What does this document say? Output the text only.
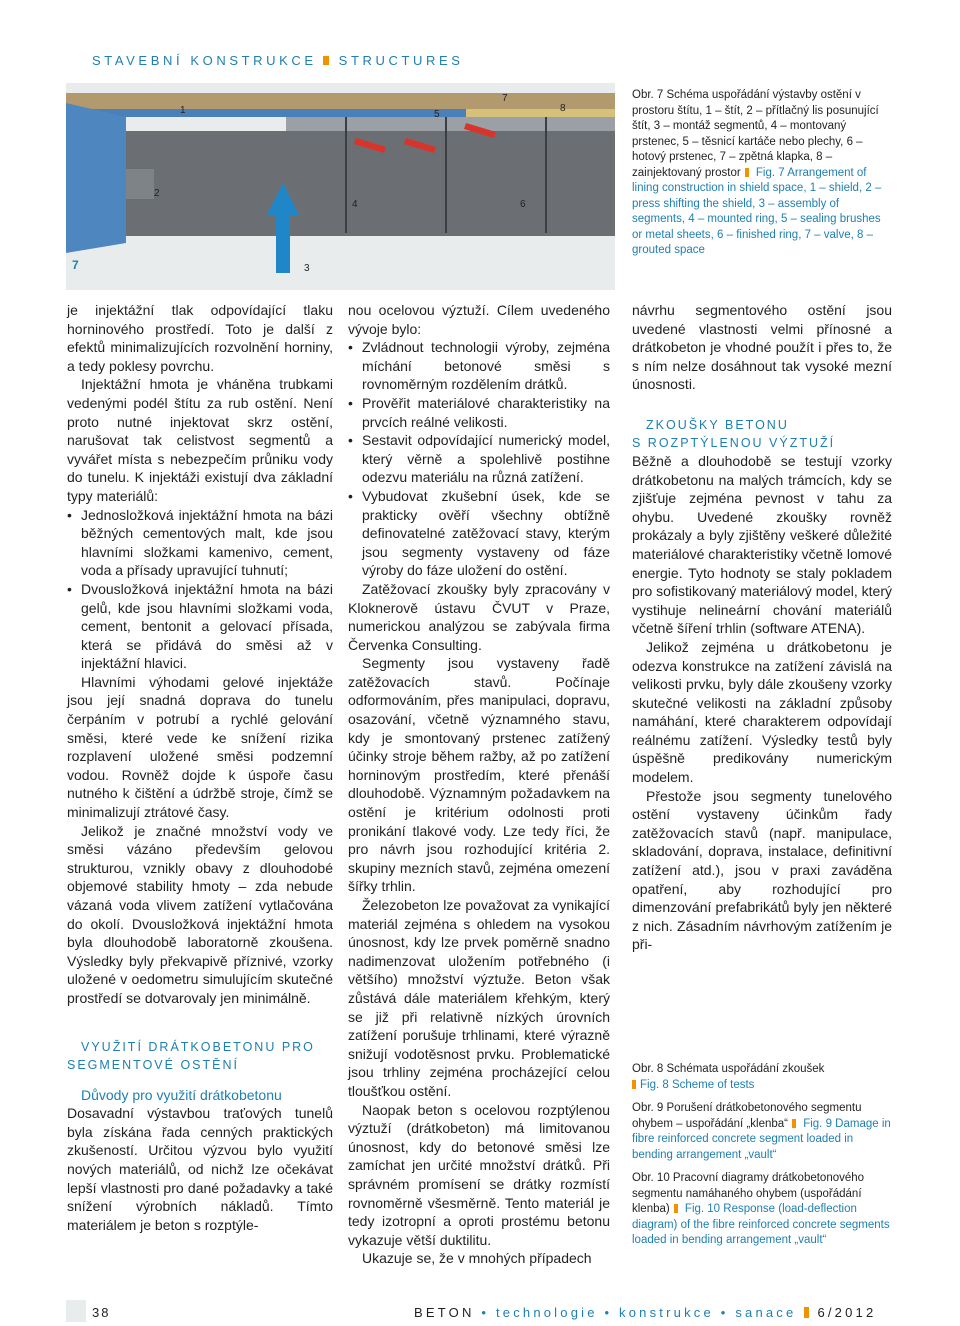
STAVEBNÍ KONSTRUKCE STRUCTURES
1
2
3
4
5
6
7
8
7
Obr. 7 Schéma uspořádání výstavby ostění v prostoru štítu, 1 – štít, 2 – přítlačný lis posunující štít, 3 – montáž segmentů, 4 – montovaný prstenec, 5 – těsnicí kartáče nebo plechy, 6 – hotový prstenec, 7 – zpětná klapka, 8 – zainjektovaný prostor Fig. 7 Arrangement of lining construction in shield space, 1 – shield, 2 – press shifting the shield, 3 – assembly of segments, 4 – mounted ring, 5 – sealing brushes or metal sheets, 6 – finished ring, 7 – valve, 8 – grouted space

je injektážní tlak odpovídající tlaku horninového prostředí. Toto je další z efektů minimalizujících rozvolnění horniny, a tedy poklesy povrchu.

Injektážní hmota je vháněna trubkami vedenými podél štítu za rub ostění. Není proto nutné injektovat skrz ostění, narušovat tak celistvost segmentů a vyvářet místa s nebezpečím průniku vody do tunelu. K injektáži existují dva základní typy materiálů:

• Jednosložková injektážní hmota na bázi běžných cementových malt, kde jsou hlavními složkami kamenivo, cement, voda a přísady upravující tuhnutí;
• Dvousložková injektážní hmota na bázi gelů, kde jsou hlavními složkami voda, cement, bentonit a gelovací přísada, která se přidává do směsi až v injektážní hlavici.

Hlavními výhodami gelové injektáže jsou její snadná doprava do tunelu čerpáním v potrubí a rychlé gelování směsi, které vede ke snížení rizika rozplavení uložené směsi podzemní vodou. Rovněž dojde k úspoře času nutného k čištění a údržbě stroje, čímž se minimalizují ztrátové časy.

Jelikož je značné množství vody ve směsi vázáno především gelovou strukturou, vznikly obavy z dlouhodobé objemové stability hmoty – zda nebude vázaná voda vlivem zatížení vytlačována do okolí. Dvousložková injektážní hmota byla dlouhodobě laboratorně zkoušena. Výsledky byly překvapivě příznivé, vzorky uložené v oedometru simulujícím skutečné prostředí se dotvarovaly jen minimálně.

VYUŽITÍ DRÁTKOBETONU PRO
SEGMENTOVÉ OSTĚNÍ

Důvody pro využití drátkobetonu

Dosavadní výstavbou traťových tunelů byla získána řada cenných praktických zkušeností. Určitou výzvou bylo využití nových materiálů, od nichž lze očekávat lepší vlastnosti pro dané požadavky a také snížení výrobních nákladů. Tímto materiálem je beton s rozptýle-

nou ocelovou výztuží. Cílem uvedeného vývoje bylo:

• Zvládnout technologii výroby, zejména míchání betonové směsi s rovnoměrným rozdělením drátků.
• Prověřit materiálové charakteristiky na prvcích reálné velikosti.
• Sestavit odpovídající numerický model, který věrně a spolehlivě postihne odezvu materiálu na různá zatížení.
• Vybudovat zkušební úsek, kde se prakticky ověří všechny obtížně definovatelné zatěžovací stavy, kterým jsou segmenty vystaveny od fáze výroby do fáze uložení do ostění.

Zatěžovací zkoušky byly zpracovány v Kloknerově ústavu ČVUT v Praze, numerickou analýzou se zabývala firma Červenka Consulting.

Segmenty jsou vystaveny řadě zatěžovacích stavů. Počínaje odformováním, přes manipulaci, dopravu, osazování, včetně významného stavu, kdy je smontovaný prstenec zatížený účinky stroje během ražby, až po zatížení horninovým prostředím, které přenáší dlouhodobě. Významným požadavkem na ostění je kritérium odolnosti proti pronikání tlakové vody. Lze tedy říci, že pro návrh jsou rozhodující kritéria 2. skupiny mezních stavů, zejména omezení šířky trhlin.

Železobeton lze považovat za vynikající materiál zejména s ohledem na vysokou únosnost, kdy lze prvek poměrně snadno nadimenzovat uložením potřebného (i většího) množství výztuže. Beton však zůstává dále materiálem křehkým, který se již při relativně nízkých úrovních zatížení porušuje trhlinami, které výrazně snižují vodotěsnost prvku. Problematické jsou trhliny zejména procházející celou tloušťkou ostění.

Naopak beton s ocelovou rozptýlenou výztuží (drátkobeton) má limitovanou únosnost, kdy do betonové směsi lze zamíchat jen určité množství drátků. Při správném promísení se drátky rozmístí rovnoměrně všesměrně. Tento materiál je tedy izotropní a oproti prostému betonu vykazuje větší duktilitu.

Ukazuje se, že v mnohých případech

návrhu segmentového ostění jsou uvedené vlastnosti velmi přínosné a drátkobeton je vhodné použít i přes to, že s ním nelze dosáhnout tak vysoké mezní únosnosti.

ZKOUŠKY BETONU
S ROZPTÝLENOU VÝZTUŽÍ

Běžně a dlouhodobě se testují vzorky drátkobetonu na malých trámcích, kdy se zjišťuje zejména pevnost v tahu za ohybu. Uvedené zkoušky rovněž prokázaly a byly zjištěny veškeré důležité materiálové charakteristiky včetně lomové energie. Tyto hodnoty se staly pokladem pro sofistikovaný materiálový model, který vystihuje nelineární chování materiálů včetně šíření trhlin (software ATENA).

Jelikož zejména u drátkobetonu je odezva konstrukce na zatížení závislá na velikosti prvku, byly dále zkoušeny vzorky skutečné velikosti na základní způsoby namáhání, které charakterem odpovídají reálnému zatížení. Výsledky testů byly úspěšně predikovány numerickým modelem.

Přestože jsou segmenty tunelového ostění vystaveny účinkům řady zatěžovacích stavů (např. manipulace, skladování, doprava, instalace, definitivní zatížení atd.), jsou v praxi zaváděna opatření, aby rozhodující pro dimenzování prefabrikátů byly jen některé z nich. Zásadním návrhovým zatížením je při-

Obr. 8 Schémata uspořádání zkoušek
Fig. 8 Scheme of tests
Obr. 9 Porušení drátkobetonového segmentu ohybem – uspořádání „klenba“ Fig. 9 Damage in fibre reinforced concrete segment loaded in bending arrangement „vault“
Obr. 10 Pracovní diagramy drátkobetonového segmentu namáhaného ohybem (uspořádání klenba) Fig. 10 Response (load-deflection diagram) of the fibre reinforced concrete segments loaded in bending arrangement „vault“
38	BETON • technologie • konstrukce • sanace 6/2012
